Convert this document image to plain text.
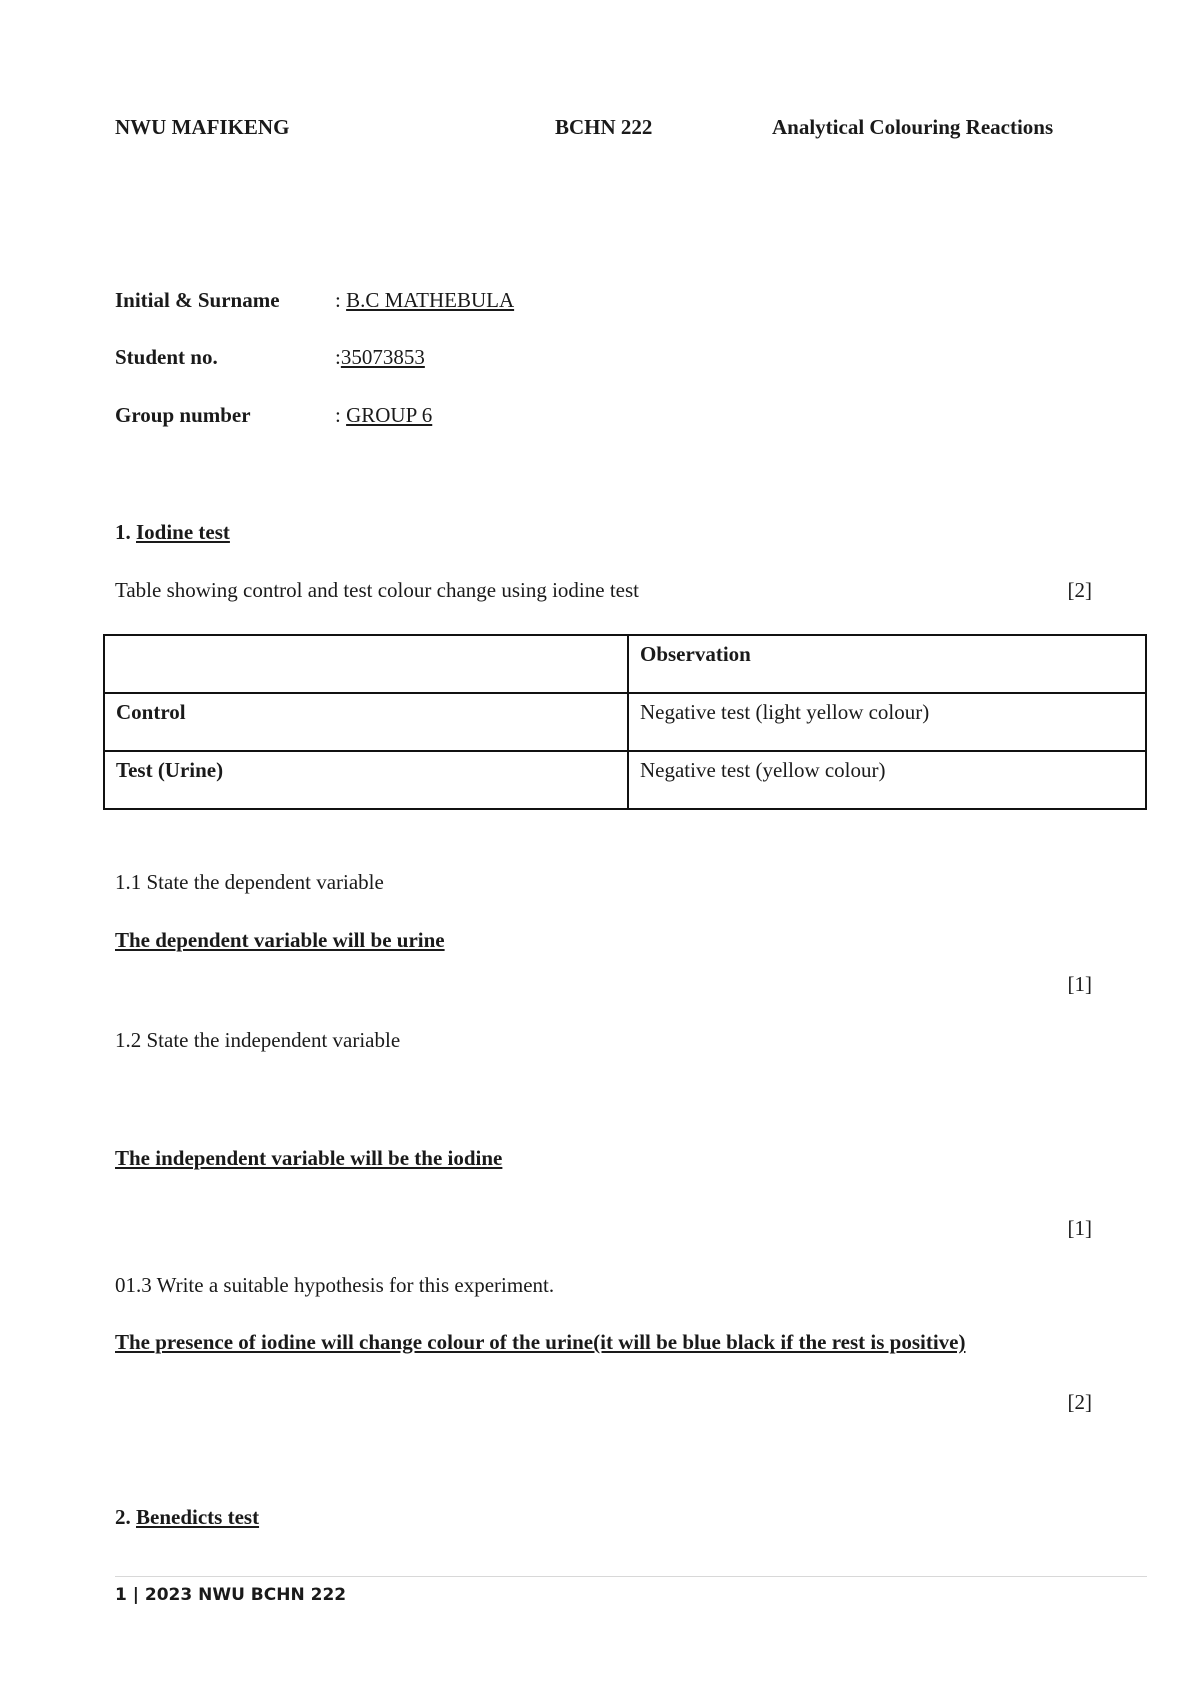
NWU MAFIKENG	BCHN 222	Analytical Colouring Reactions
Initial & Surname	: B.C MATHEBULA
Student no.	:35073853
Group number	: GROUP 6
1. Iodine test
Table showing control and test colour change using iodine test	[2]
	Observation
Control	Negative test (light yellow colour)
Test (Urine)	Negative test (yellow colour)
1.1 State the dependent variable
The dependent variable will be urine
[1]
1.2 State the independent variable
The independent variable will be the iodine
[1]
01.3 Write a suitable hypothesis for this experiment.
The presence of iodine will change colour of the urine(it will be blue black if the rest is positive)
[2]
2. Benedicts test
1 | 2023 NWU BCHN 222
